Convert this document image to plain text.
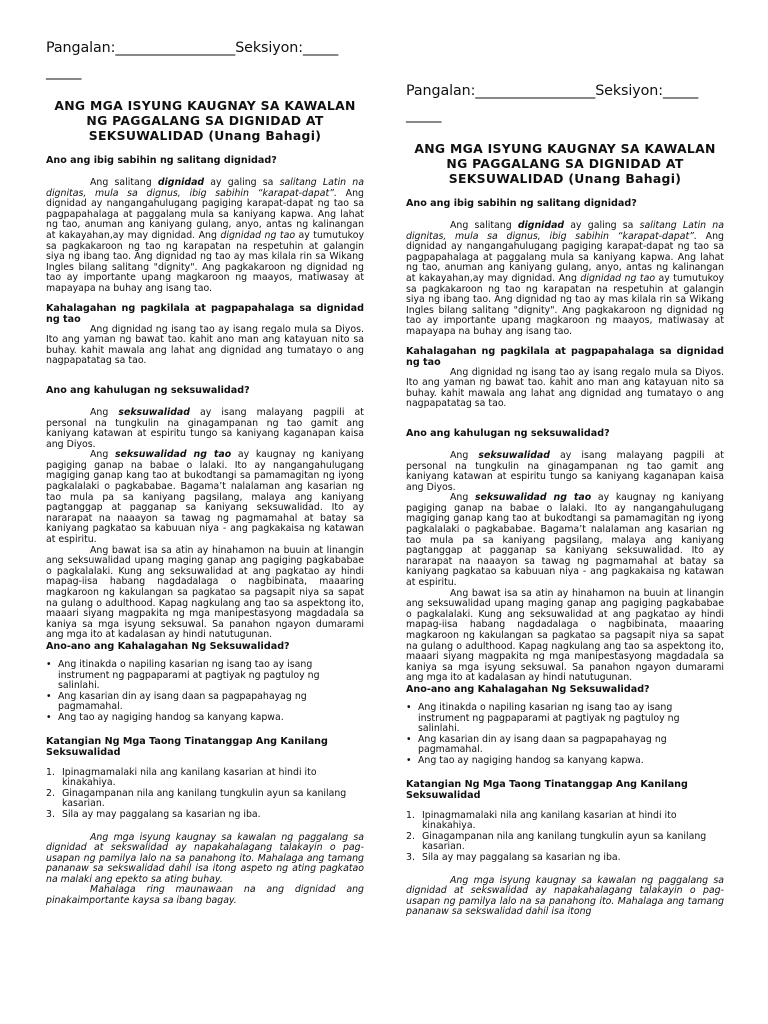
Pangalan:_________________Seksiyon:_____
_____
ANG MGA ISYUNG KAUGNAY SA KAWALAN
NG PAGGALANG SA DIGNIDAD AT
SEKSUWALIDAD (Unang Bahagi)
Ano ang ibig sabihin ng salitang dignidad?

Ang salitang dignidad ay galing sa salitang Latin na dignitas, mula sa dignus, ibig sabihin “karapat-dapat”. Ang dignidad ay nangangahulugang pagiging karapat-dapat ng tao sa pagpapahalaga at paggalang mula sa kaniyang kapwa. Ang lahat ng tao, anuman ang kaniyang gulang, anyo, antas ng kalinangan at kakayahan,ay may dignidad. Ang dignidad ng tao ay tumutukoy sa pagkakaroon ng tao ng karapatan na respetuhin at galangin siya ng ibang tao. Ang dignidad ng tao ay mas kilala rin sa Wikang Ingles bilang salitang "dignity". Ang pagkakaroon ng dignidad ng tao ay importante upang magkaroon ng maayos, matiwasay at mapayapa na buhay ang isang tao.

Kahalagahan ng pagkilala at pagpapahalaga sa dignidad ng tao

Ang dignidad ng isang tao ay isang regalo mula sa Diyos. Ito ang yaman ng bawat tao. kahit ano man ang katayuan nito sa buhay. kahit mawala ang lahat ang dignidad ang tumatayo o ang nagpapatatag sa tao.

Ano ang kahulugan ng seksuwalidad?

Ang seksuwalidad ay isang malayang pagpili at personal na tungkulin na ginagampanan ng tao gamit ang kaniyang katawan at espiritu tungo sa kaniyang kaganapan kaisa ang Diyos.

Ang seksuwalidad ng tao ay kaugnay ng kaniyang pagiging ganap na babae o lalaki. Ito ay nangangahulugang magiging ganap kang tao at bukodtangi sa pamamagitan ng iyong pagkalalaki o pagkababae. Bagama’t nalalaman ang kasarian ng tao mula pa sa kaniyang pagsilang, malaya ang kaniyang pagtanggap at pagganap sa kaniyang seksuwalidad. Ito ay nararapat na naaayon sa tawag ng pagmamahal at batay sa kaniyang pagkatao sa kabuuan niya - ang pagkakaisa ng katawan at espiritu.

Ang bawat isa sa atin ay hinahamon na buuin at linangin ang seksuwalidad upang maging ganap ang pagiging pagkababae o pagkalalaki. Kung ang seksuwalidad at ang pagkatao ay hindi mapag-iisa habang nagdadalaga o nagbibinata, maaaring magkaroon ng kakulangan sa pagkatao sa pagsapit niya sa sapat na gulang o adulthood. Kapag nagkulang ang tao sa aspektong ito, maaari siyang magpakita ng mga manipestasyong magdadala sa kaniya sa mga isyung seksuwal. Sa panahon ngayon dumarami ang mga ito at kadalasan ay hindi natutugunan.

Ano-ano ang Kahalagahan Ng Seksuwalidad?
• Ang itinakda o napiling kasarian ng isang tao ay isang instrument ng pagpaparami at pagtiyak ng pagtuloy ng salinlahi.
• Ang kasarian din ay isang daan sa pagpapahayag ng pagmamahal.
• Ang tao ay nagiging handog sa kanyang kapwa.
Katangian Ng Mga Taong Tinatanggap Ang Kanilang Seksuwalidad
1. Ipinagmamalaki nila ang kanilang kasarian at hindi ito kinakahiya.
2. Ginagampanan nila ang kanilang tungkulin ayun sa kanilang kasarian.
3. Sila ay may paggalang sa kasarian ng iba.

Ang mga isyung kaugnay sa kawalan ng paggalang sa dignidad at sekswalidad ay napakahalagang talakayin o pag-usapan ng pamilya lalo na sa panahong ito. Mahalaga ang tamang pananaw sa sekswalidad dahil isa itong aspeto ng ating pagkatao na malaki ang epekto sa ating buhay.

Mahalaga ring maunawaan na ang dignidad ang pinakaimportante kaysa sa ibang bagay.

Pangalan:_________________Seksiyon:_____
_____
ANG MGA ISYUNG KAUGNAY SA KAWALAN
NG PAGGALANG SA DIGNIDAD AT
SEKSUWALIDAD (Unang Bahagi)
Ano ang ibig sabihin ng salitang dignidad?

Ang salitang dignidad ay galing sa salitang Latin na dignitas, mula sa dignus, ibig sabihin “karapat-dapat”. Ang dignidad ay nangangahulugang pagiging karapat-dapat ng tao sa pagpapahalaga at paggalang mula sa kaniyang kapwa. Ang lahat ng tao, anuman ang kaniyang gulang, anyo, antas ng kalinangan at kakayahan,ay may dignidad. Ang dignidad ng tao ay tumutukoy sa pagkakaroon ng tao ng karapatan na respetuhin at galangin siya ng ibang tao. Ang dignidad ng tao ay mas kilala rin sa Wikang Ingles bilang salitang "dignity". Ang pagkakaroon ng dignidad ng tao ay importante upang magkaroon ng maayos, matiwasay at mapayapa na buhay ang isang tao.

Kahalagahan ng pagkilala at pagpapahalaga sa dignidad ng tao

Ang dignidad ng isang tao ay isang regalo mula sa Diyos. Ito ang yaman ng bawat tao. kahit ano man ang katayuan nito sa buhay. kahit mawala ang lahat ang dignidad ang tumatayo o ang nagpapatatag sa tao.

Ano ang kahulugan ng seksuwalidad?

Ang seksuwalidad ay isang malayang pagpili at personal na tungkulin na ginagampanan ng tao gamit ang kaniyang katawan at espiritu tungo sa kaniyang kaganapan kaisa ang Diyos.

Ang seksuwalidad ng tao ay kaugnay ng kaniyang pagiging ganap na babae o lalaki. Ito ay nangangahulugang magiging ganap kang tao at bukodtangi sa pamamagitan ng iyong pagkalalaki o pagkababae. Bagama’t nalalaman ang kasarian ng tao mula pa sa kaniyang pagsilang, malaya ang kaniyang pagtanggap at pagganap sa kaniyang seksuwalidad. Ito ay nararapat na naaayon sa tawag ng pagmamahal at batay sa kaniyang pagkatao sa kabuuan niya - ang pagkakaisa ng katawan at espiritu.

Ang bawat isa sa atin ay hinahamon na buuin at linangin ang seksuwalidad upang maging ganap ang pagiging pagkababae o pagkalalaki. Kung ang seksuwalidad at ang pagkatao ay hindi mapag-iisa habang nagdadalaga o nagbibinata, maaaring magkaroon ng kakulangan sa pagkatao sa pagsapit niya sa sapat na gulang o adulthood. Kapag nagkulang ang tao sa aspektong ito, maaari siyang magpakita ng mga manipestasyong magdadala sa kaniya sa mga isyung seksuwal. Sa panahon ngayon dumarami ang mga ito at kadalasan ay hindi natutugunan.

Ano-ano ang Kahalagahan Ng Seksuwalidad?
• Ang itinakda o napiling kasarian ng isang tao ay isang instrument ng pagpaparami at pagtiyak ng pagtuloy ng salinlahi.
• Ang kasarian din ay isang daan sa pagpapahayag ng pagmamahal.
• Ang tao ay nagiging handog sa kanyang kapwa.
Katangian Ng Mga Taong Tinatanggap Ang Kanilang Seksuwalidad
1. Ipinagmamalaki nila ang kanilang kasarian at hindi ito kinakahiya.
2. Ginagampanan nila ang kanilang tungkulin ayun sa kanilang kasarian.
3. Sila ay may paggalang sa kasarian ng iba.

Ang mga isyung kaugnay sa kawalan ng paggalang sa dignidad at sekswalidad ay napakahalagang talakayin o pag-usapan ng pamilya lalo na sa panahong ito. Mahalaga ang tamang pananaw sa sekswalidad dahil isa itong
